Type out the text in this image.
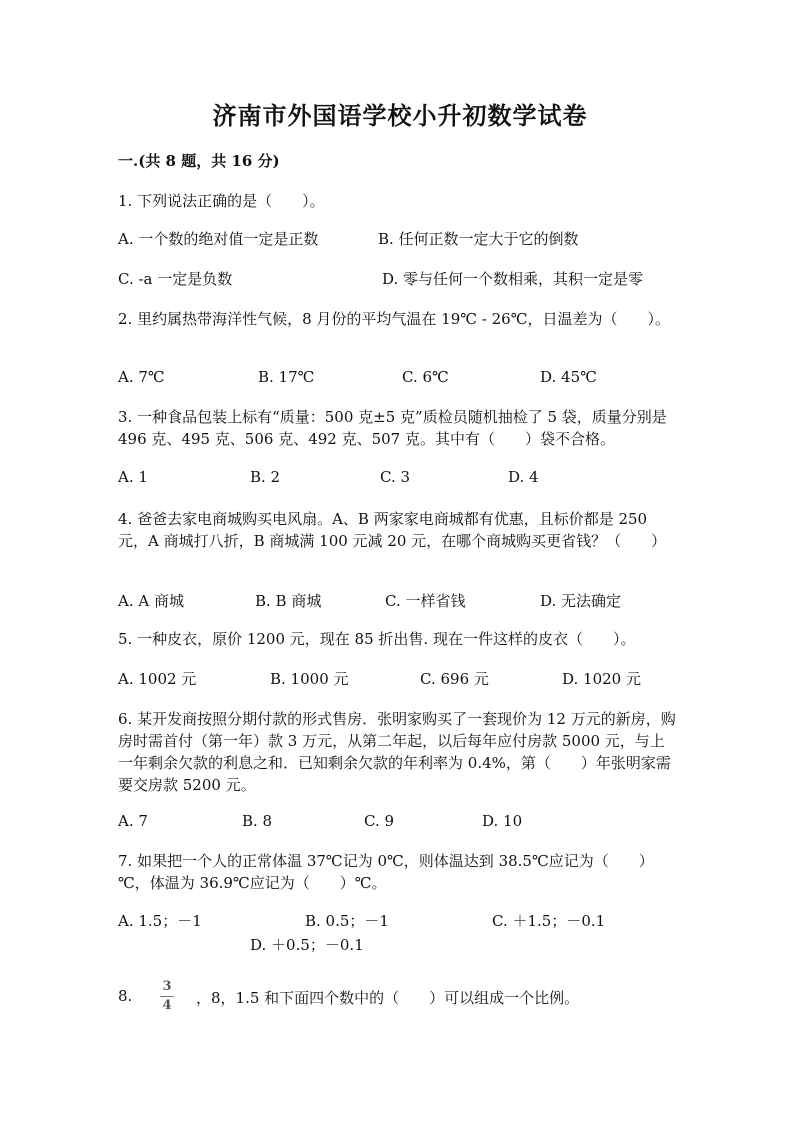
济南市外国语学校小升初数学试卷
一.(共 8 题，共 16 分)
1. 下列说法正确的是（　　）。
A. 一个数的绝对值一定是正数	B. 任何正数一定大于它的倒数
C. -a 一定是负数	D. 零与任何一个数相乘，其积一定是零
2. 里约属热带海洋性气候，8 月份的平均气温在 19℃ - 26℃，日温差为（　　）。
A. 7℃	B. 17℃	C. 6℃	D. 45℃
3. 一种食品包装上标有“质量：500 克±5 克”质检员随机抽检了 5 袋，质量分别是 496 克、495 克、506 克、492 克、507 克。其中有（　　）袋不合格。
A. 1	B. 2	C. 3	D. 4
4. 爸爸去家电商城购买电风扇。A、B 两家家电商城都有优惠，且标价都是 250 元，A 商城打八折，B 商城满 100 元减 20 元，在哪个商城购买更省钱？（　　）
A. A 商城	B. B 商城	C. 一样省钱	D. 无法确定
5. 一种皮衣，原价 1200 元，现在 85 折出售. 现在一件这样的皮衣（　　）。
A. 1002 元	B. 1000 元	C. 696 元	D. 1020 元
6. 某开发商按照分期付款的形式售房．张明家购买了一套现价为 12 万元的新房，购房时需首付（第一年）款 3 万元，从第二年起，以后每年应付房款 5000 元，与上一年剩余欠款的利息之和．已知剩余欠款的年利率为 0.4%，第（　　）年张明家需要交房款 5200 元。
A. 7	B. 8	C. 9	D. 10
7. 如果把一个人的正常体温 37℃记为 0℃，则体温达到 38.5℃应记为（　　）℃，体温为 36.9℃应记为（　　）℃。
A. 1.5；－1	B. 0.5；－1	C. ＋1.5；－0.1
D. ＋0.5；－0.1
8.
3
4 ，8，1.5 和下面四个数中的（　　）可以组成一个比例。
